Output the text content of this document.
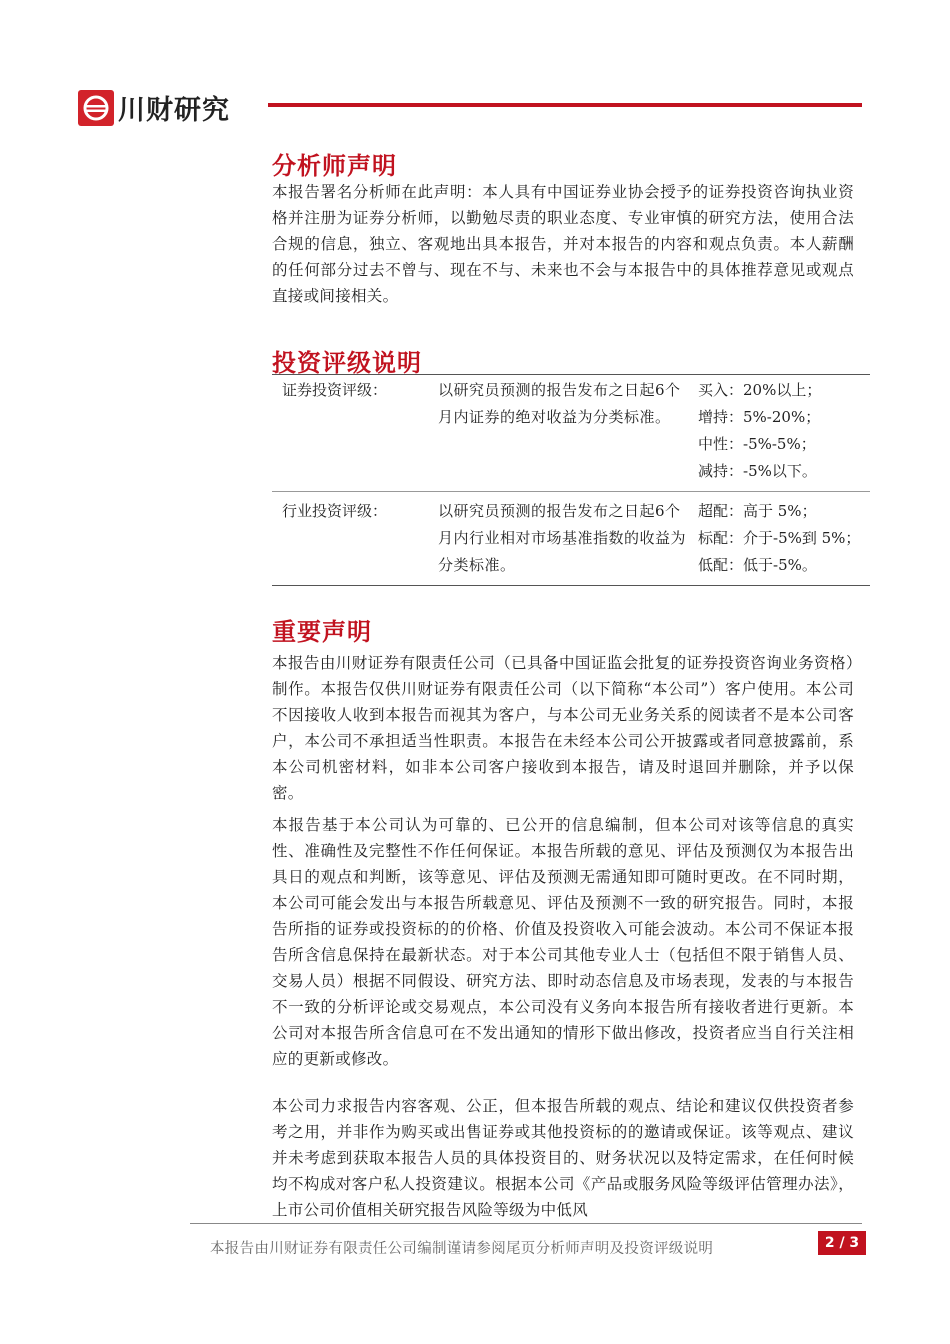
川财研究
分析师声明
本报告署名分析师在此声明：本人具有中国证券业协会授予的证券投资咨询执业资格并注册为证券分析师，以勤勉尽责的职业态度、专业审慎的研究方法，使用合法合规的信息，独立、客观地出具本报告，并对本报告的内容和观点负责。本人薪酬的任何部分过去不曾与、现在不与、未来也不会与本报告中的具体推荐意见或观点直接或间接相关。
投资评级说明
证券投资评级：	以研究员预测的报告发布之日起6个月内证券的绝对收益为分类标准。	买入：20%以上；
增持：5%-20%；
中性：-5%-5%；
减持：-5%以下。

行业投资评级：	以研究员预测的报告发布之日起6个月内行业相对市场基准指数的收益为分类标准。	超配：高于 5%；
标配：介于-5%到 5%；
低配：低于-5%。
重要声明
本报告由川财证券有限责任公司（已具备中国证监会批复的证券投资咨询业务资格）制作。本报告仅供川财证券有限责任公司（以下简称“本公司”）客户使用。本公司不因接收人收到本报告而视其为客户，与本公司无业务关系的阅读者不是本公司客户，本公司不承担适当性职责。本报告在未经本公司公开披露或者同意披露前，系本公司机密材料，如非本公司客户接收到本报告，请及时退回并删除，并予以保密。
本报告基于本公司认为可靠的、已公开的信息编制，但本公司对该等信息的真实性、准确性及完整性不作任何保证。本报告所载的意见、评估及预测仅为本报告出具日的观点和判断，该等意见、评估及预测无需通知即可随时更改。在不同时期，本公司可能会发出与本报告所载意见、评估及预测不一致的研究报告。同时，本报告所指的证券或投资标的的价格、价值及投资收入可能会波动。本公司不保证本报告所含信息保持在最新状态。对于本公司其他专业人士（包括但不限于销售人员、交易人员）根据不同假设、研究方法、即时动态信息及市场表现，发表的与本报告不一致的分析评论或交易观点，本公司没有义务向本报告所有接收者进行更新。本公司对本报告所含信息可在不发出通知的情形下做出修改，投资者应当自行关注相应的更新或修改。
本公司力求报告内容客观、公正，但本报告所载的观点、结论和建议仅供投资者参考之用，并非作为购买或出售证券或其他投资标的的邀请或保证。该等观点、建议并未考虑到获取本报告人员的具体投资目的、财务状况以及特定需求，在任何时候均不构成对客户私人投资建议。根据本公司《产品或服务风险等级评估管理办法》，上市公司价值相关研究报告风险等级为中低风
本报告由川财证券有限责任公司编制谨请参阅尾页分析师声明及投资评级说明	2 / 3
